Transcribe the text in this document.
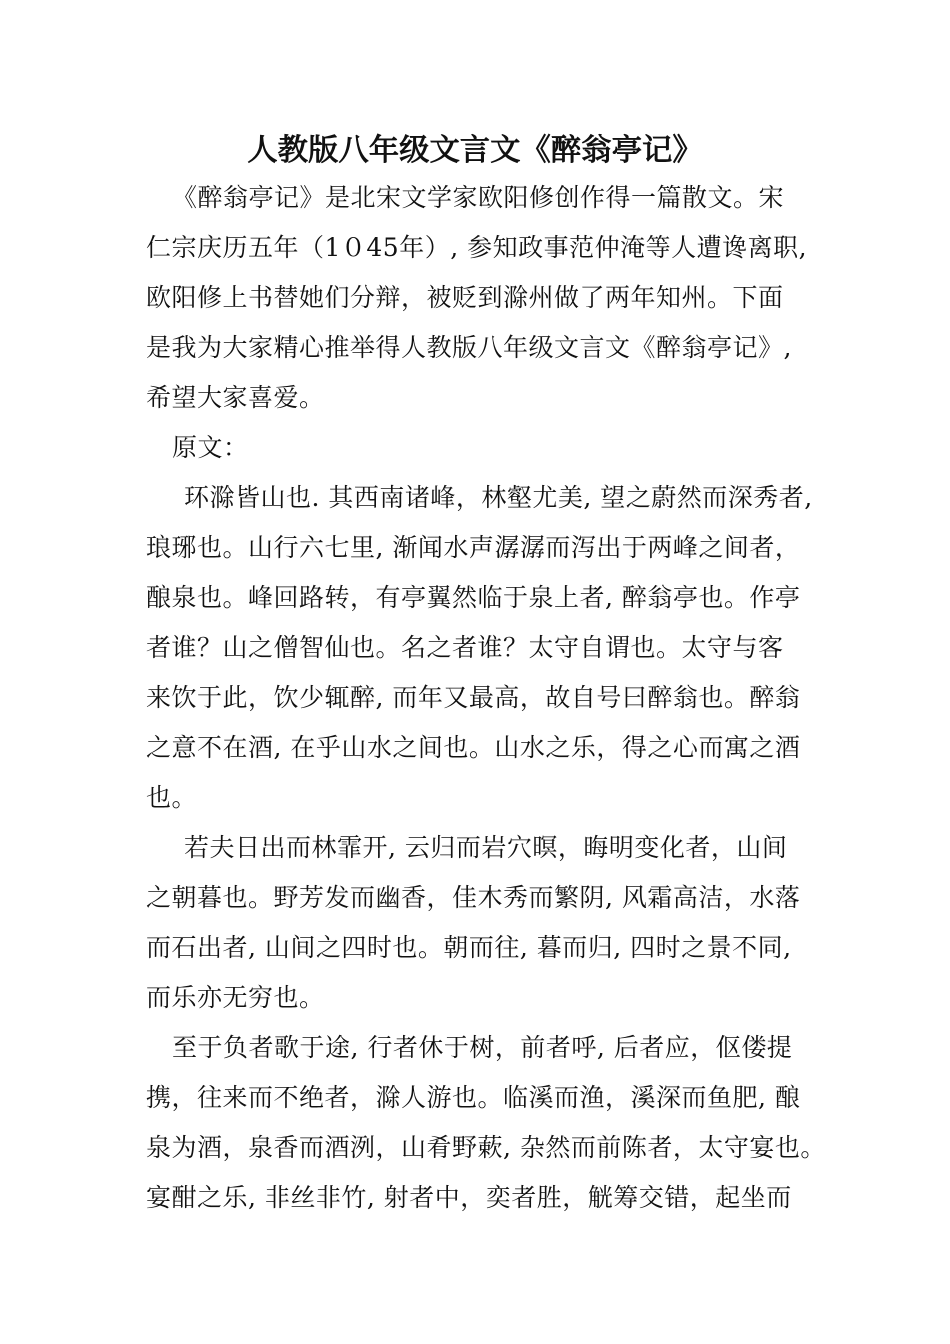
人教版八年级文言文《醉翁亭记》
《醉翁亭记》是北宋文学家欧阳修创作得一篇散文。宋
仁宗庆历五年（1０45年）, 参知政事范仲淹等人遭谗离职,
欧阳修上书替她们分辩，被贬到滁州做了两年知州。下面
是我为大家精心推举得人教版八年级文言文《醉翁亭记》,
希望大家喜爱。
原文：
环滁皆山也. 其西南诸峰，林壑尤美, 望之蔚然而深秀者,
琅琊也。山行六七里, 渐闻水声潺潺而泻出于两峰之间者，
酿泉也。峰回路转，有亭翼然临于泉上者, 醉翁亭也。作亭
者谁？山之僧智仙也。名之者谁？太守自谓也。太守与客
来饮于此，饮少辄醉, 而年又最高，故自号曰醉翁也。醉翁
之意不在酒, 在乎山水之间也。山水之乐，得之心而寓之酒
也。
若夫日出而林霏开, 云归而岩穴暝，晦明变化者，山间
之朝暮也。野芳发而幽香，佳木秀而繁阴, 风霜高洁，水落
而石出者, 山间之四时也。朝而往, 暮而归, 四时之景不同,
而乐亦无穷也。
至于负者歌于途, 行者休于树，前者呼, 后者应，伛偻提
携，往来而不绝者，滁人游也。临溪而渔，溪深而鱼肥, 酿
泉为酒，泉香而酒洌，山肴野蔌, 杂然而前陈者，太守宴也。
宴酣之乐, 非丝非竹, 射者中，奕者胜，觥筹交错，起坐而
